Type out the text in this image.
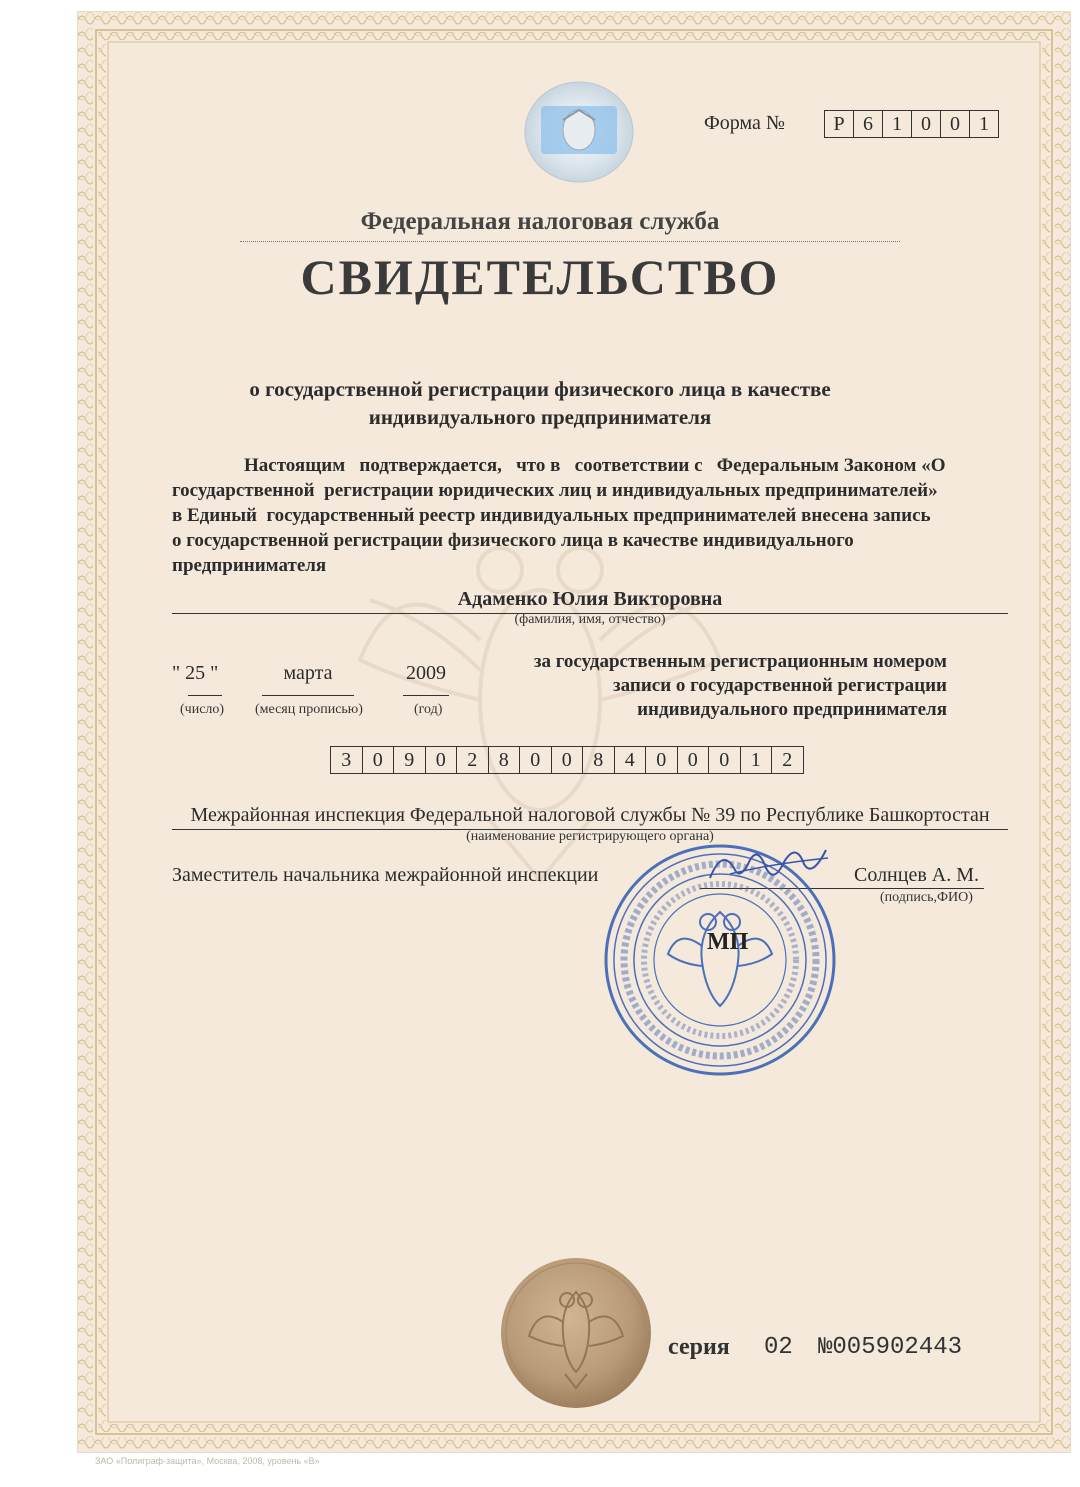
Форма №	Р 6 1 0 0 1
Федеральная налоговая служба
СВИДЕТЕЛЬСТВО
о государственной регистрации физического лица в качестве
индивидуального предпринимателя
Настоящим   подтверждается,   что в   соответствии с   Федеральным Законом «О
государственной  регистрации юридических лиц и индивидуальных предпринимателей»
в Единый  государственный реестр индивидуальных предпринимателей внесена запись
о государственной регистрации физического лица в качестве индивидуального
предпринимателя
Адаменко Юлия Викторовна
(фамилия, имя, отчество)
" 25 "	марта	2009
(число) (месяц прописью)	(год)
за государственным регистрационным номером
записи о государственной регистрации
индивидуального предпринимателя
3	0	9	0	2	8	0	0	8	4	0	0	0	1	2
Межрайонная инспекция Федеральной налоговой службы № 39 по Республике Башкортостан
(наименование регистрирующего органа)
Заместитель начальника межрайонной инспекции	Солнцев А. М.
(подпись,ФИО)
МП
серия 02 №005902443
ЗАО «Полиграф-защита», Москва, 2008, уровень «В»
